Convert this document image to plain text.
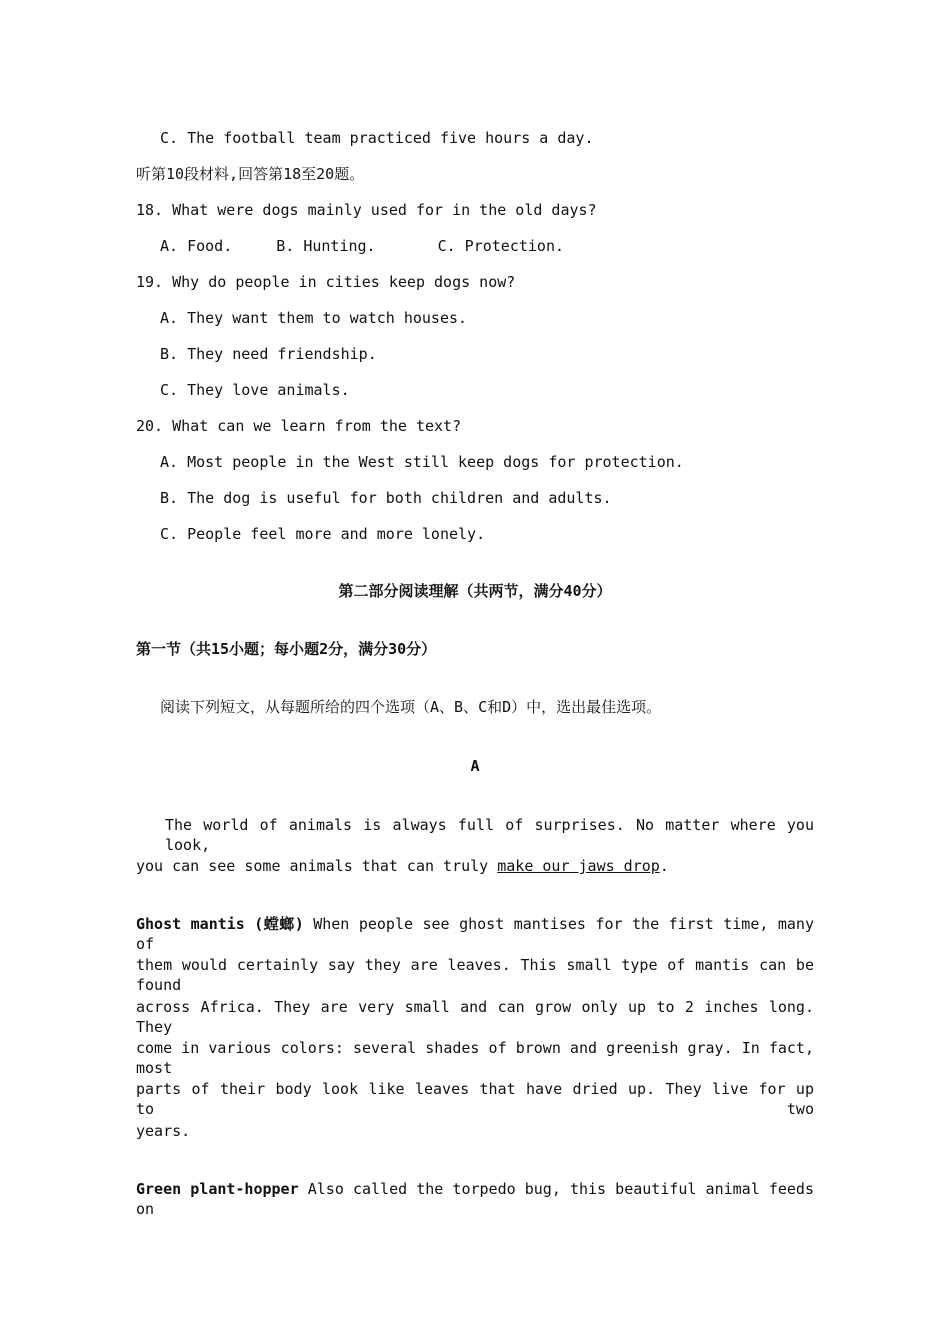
C. The football team practiced five hours a day.
听第10段材料,回答第18至20题。
18. What were dogs mainly used for in the old days?
A. Food.	B. Hunting.	C. Protection.
19. Why do people in cities keep dogs now?
A. They want them to watch houses.
B. They need friendship.
C. They love animals.
20. What can we learn from the text?
A. Most people in the West still keep dogs for protection.
B. The dog is useful for both children and adults.
C. People feel more and more lonely.
第二部分阅读理解（共两节，满分40分）
第一节（共15小题；每小题2分，满分30分）
阅读下列短文，从每题所给的四个选项（A、B、C和D）中，选出最佳选项。
A
The world of animals is always full of surprises. No matter where you look,
you can see some animals that can truly make our jaws drop.
Ghost mantis (螳螂) When people see ghost mantises for the first time, many of
them would certainly say they are leaves. This small type of mantis can be found
across Africa. They are very small and can grow only up to 2 inches long. They
come in various colors: several shades of brown and greenish gray. In fact, most
parts of their body look like leaves that have dried up. They live for up to two
years.
Green plant-hopper Also called the torpedo bug, this beautiful animal feeds on
